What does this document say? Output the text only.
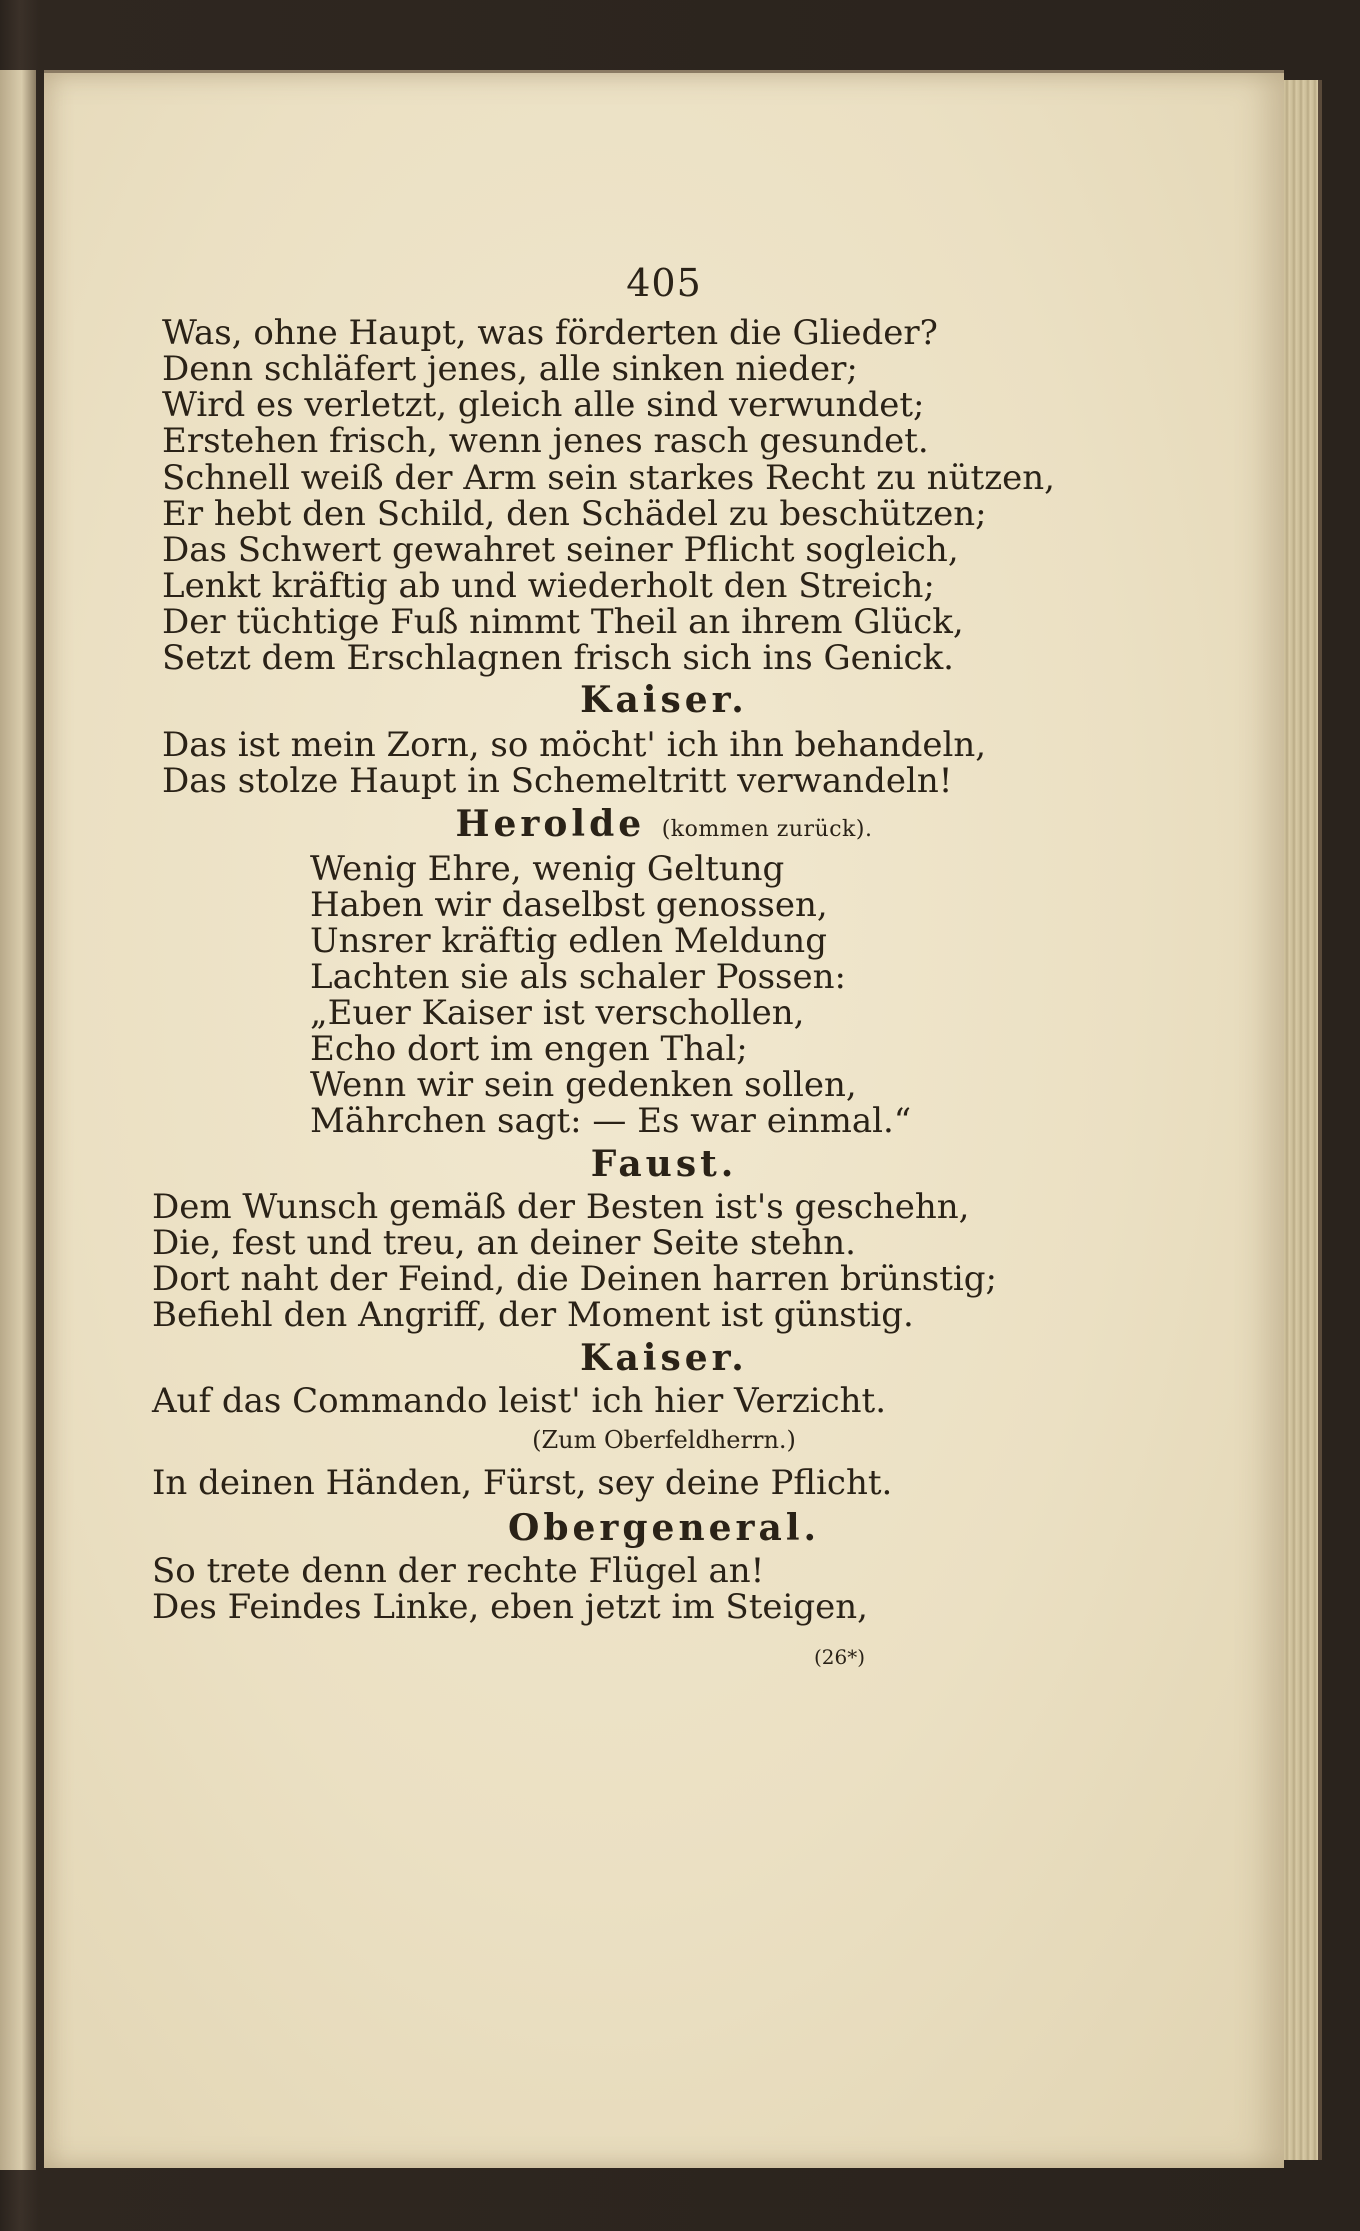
405
Was, ohne Haupt, was förderten die Glieder?
Denn schläfert jenes, alle sinken nieder;
Wird es verletzt, gleich alle sind verwundet;
Erstehen frisch, wenn jenes rasch gesundet.
Schnell weiß der Arm sein starkes Recht zu nützen,
Er hebt den Schild, den Schädel zu beschützen;
Das Schwert gewahret seiner Pflicht sogleich,
Lenkt kräftig ab und wiederholt den Streich;
Der tüchtige Fuß nimmt Theil an ihrem Glück,
Setzt dem Erschlagnen frisch sich ins Genick.
Kaiser.
Das ist mein Zorn, so möcht' ich ihn behandeln,
Das stolze Haupt in Schemeltritt verwandeln!
Herolde (kommen zurück).
Wenig Ehre, wenig Geltung
Haben wir daselbst genossen,
Unsrer kräftig edlen Meldung
Lachten sie als schaler Possen:
„Euer Kaiser ist verschollen,
Echo dort im engen Thal;
Wenn wir sein gedenken sollen,
Mährchen sagt: — Es war einmal.“
Faust.
Dem Wunsch gemäß der Besten ist's geschehn,
Die, fest und treu, an deiner Seite stehn.
Dort naht der Feind, die Deinen harren brünstig;
Befiehl den Angriff, der Moment ist günstig.
Kaiser.
Auf das Commando leist' ich hier Verzicht.
(Zum Oberfeldherrn.)
In deinen Händen, Fürst, sey deine Pflicht.
Obergeneral.
So trete denn der rechte Flügel an!
Des Feindes Linke, eben jetzt im Steigen,
(26*)
